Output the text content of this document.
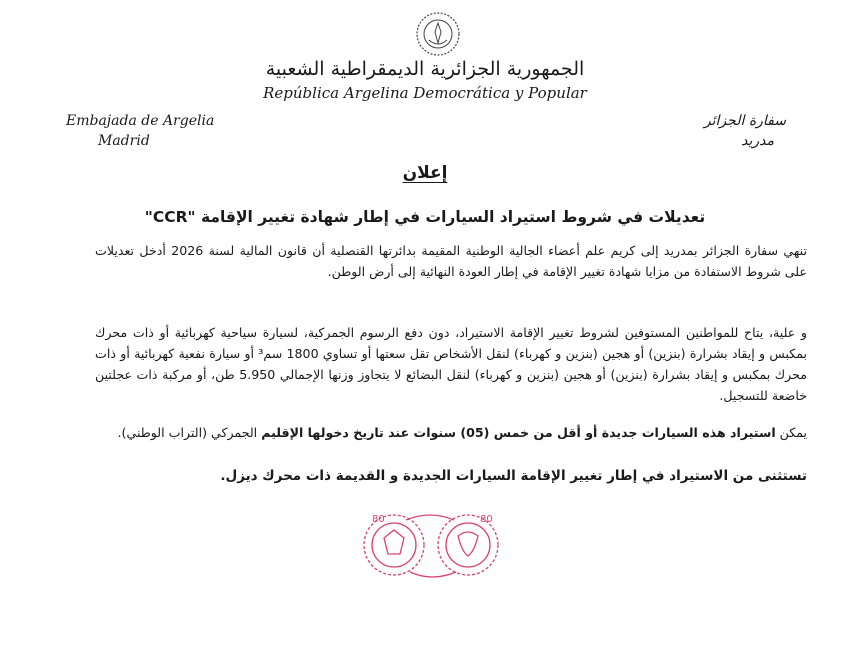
الجمهورية الجزائرية الديمقراطية الشعبية
República Argelina Democrática y Popular
Embajada de Argelia
Madrid
سفارة الجزائر
مدريد
إعلان
تعديلات في شروط استيراد السيارات في إطار شهادة تغيير الإقامة "CCR"
تنهي سفارة الجزائر بمدريد إلى كريم علم أعضاء الجالية الوطنية المقيمة بدائرتها القنصلية أن قانون المالية لسنة 2026 أدخل تعديلات على شروط الاستفادة من مزايا شهادة تغيير الإقامة في إطار العودة النهائية إلى أرض الوطن.
و علية، يتاح للمواطنين المستوفين لشروط تغيير الإقامة الاستيراد، دون دفع الرسوم الجمركية، لسيارة سياحية كهربائية أو ذات محرك بمكبس و إيقاد بشرارة (بنزين) أو هجين (بنزين و كهرباء) لنقل الأشخاص تقل سعتها أو تساوي 1800 سم³ أو سيارة نفعية كهربائية أو ذات محرك بمكبس و إيقاد بشرارة (بنزين) أو هجين (بنزين و كهرباء) لنقل البضائع لا يتجاوز وزنها الإجمالي 5.950 طن، أو مركبة ذات عجلتين خاضعة للتسجيل.
يمكن استيراد هذه السيارات جديدة أو أقل من خمس (05) سنوات عند تاريخ دخولها الإقليم الجمركي (التراب الوطني).
تستثنى من الاستيراد في إطار تغيير الإقامة السيارات الجديدة و القديمة ذات محرك ديزل.
80	80
